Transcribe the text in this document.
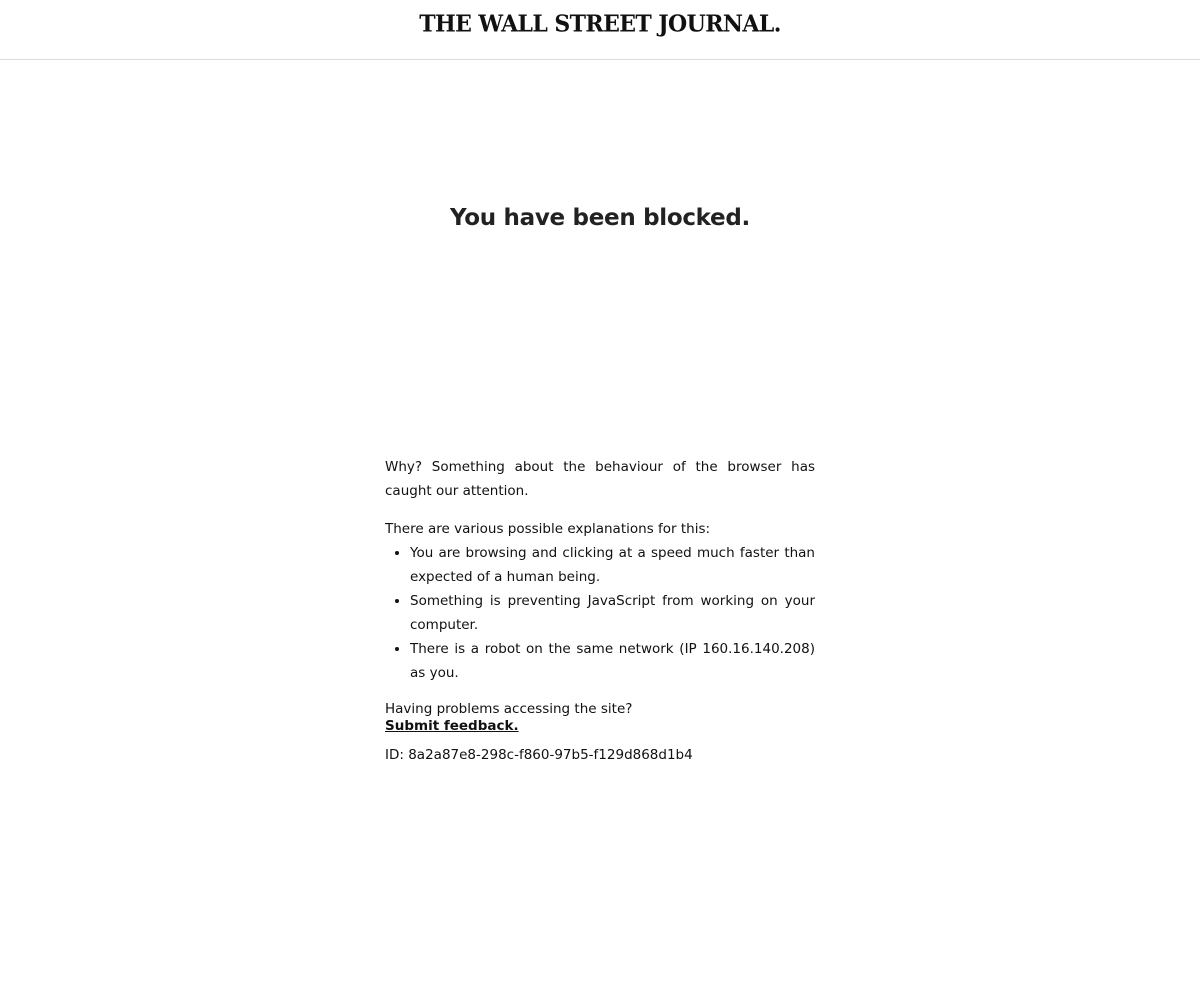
THE WALL STREET JOURNAL.
You have been blocked.

Why? Something about the behaviour of the browser has caught our attention.

There are various possible explanations for this:

• You are browsing and clicking at a speed much faster than expected of a human being.
• Something is preventing JavaScript from working on your computer.
• There is a robot on the same network (IP 160.16.140.208) as you.

Having problems accessing the site?
Submit feedback.

ID: 8a2a87e8-298c-f860-97b5-f129d868d1b4
